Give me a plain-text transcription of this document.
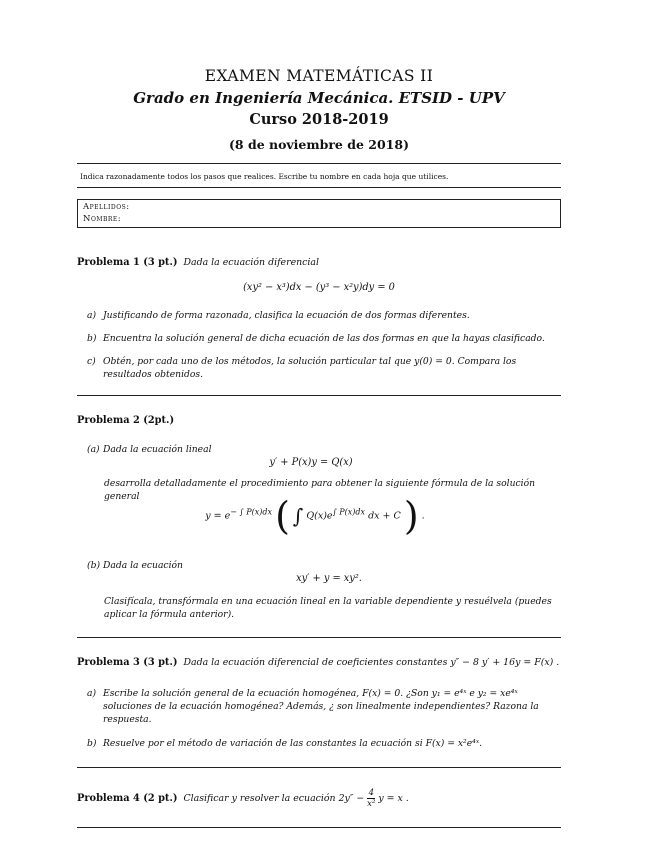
EXAMEN MATEMÁTICAS II
Grado en Ingeniería Mecánica. ETSID - UPV
Curso 2018-2019
(8 de noviembre de 2018)
Indica razonadamente todos los pasos que realices. Escribe tu nombre en cada hoja que utilices.
Apellidos:
Nombre:
Problema 1 (3 pt.) Dada la ecuación diferencial
(xy² − x³)dx − (y³ − x²y)dy = 0
a) Justificando de forma razonada, clasifica la ecuación de dos formas diferentes.
b) Encuentra la solución general de dicha ecuación de las dos formas en que la hayas clasificado.
c) Obtén, por cada uno de los métodos, la solución particular tal que y(0) = 0. Compara los resultados obtenidos.
Problema 2 (2pt.)
(a) Dada la ecuación lineal
y′ + P(x)y = Q(x)
desarrolla detalladamente el procedimiento para obtener la siguiente fórmula de la solución general
$y = e^{- \int P(x)dx}$ ( ∫ $Q(x)e^{\int P(x)dx}$ dx + C ) .
(b) Dada la ecuación
xy′ + y = xy².
Clasifícala, transfórmala en una ecuación lineal en la variable dependiente y resuélvela (puedes aplicar la fórmula anterior).
Problema 3 (3 pt.) Dada la ecuación diferencial de coeficientes constantes y″ − 8 y′ + 16y = F(x) .
a) Escribe la solución general de la ecuación homogénea, F(x) = 0. ¿Son y₁ = e⁴ˣ e y₂ = xe⁴ˣ soluciones de la ecuación homogénea? Además, ¿ son linealmente independientes? Razona la respuesta.
b) Resuelve por el método de variación de las constantes la ecuación si F(x) = x²e⁴ˣ.
Problema 4 (2 pt.) Clasificar y resolver la ecuación $2y'' - \frac{4}{\text{x²}}$ y = x .
